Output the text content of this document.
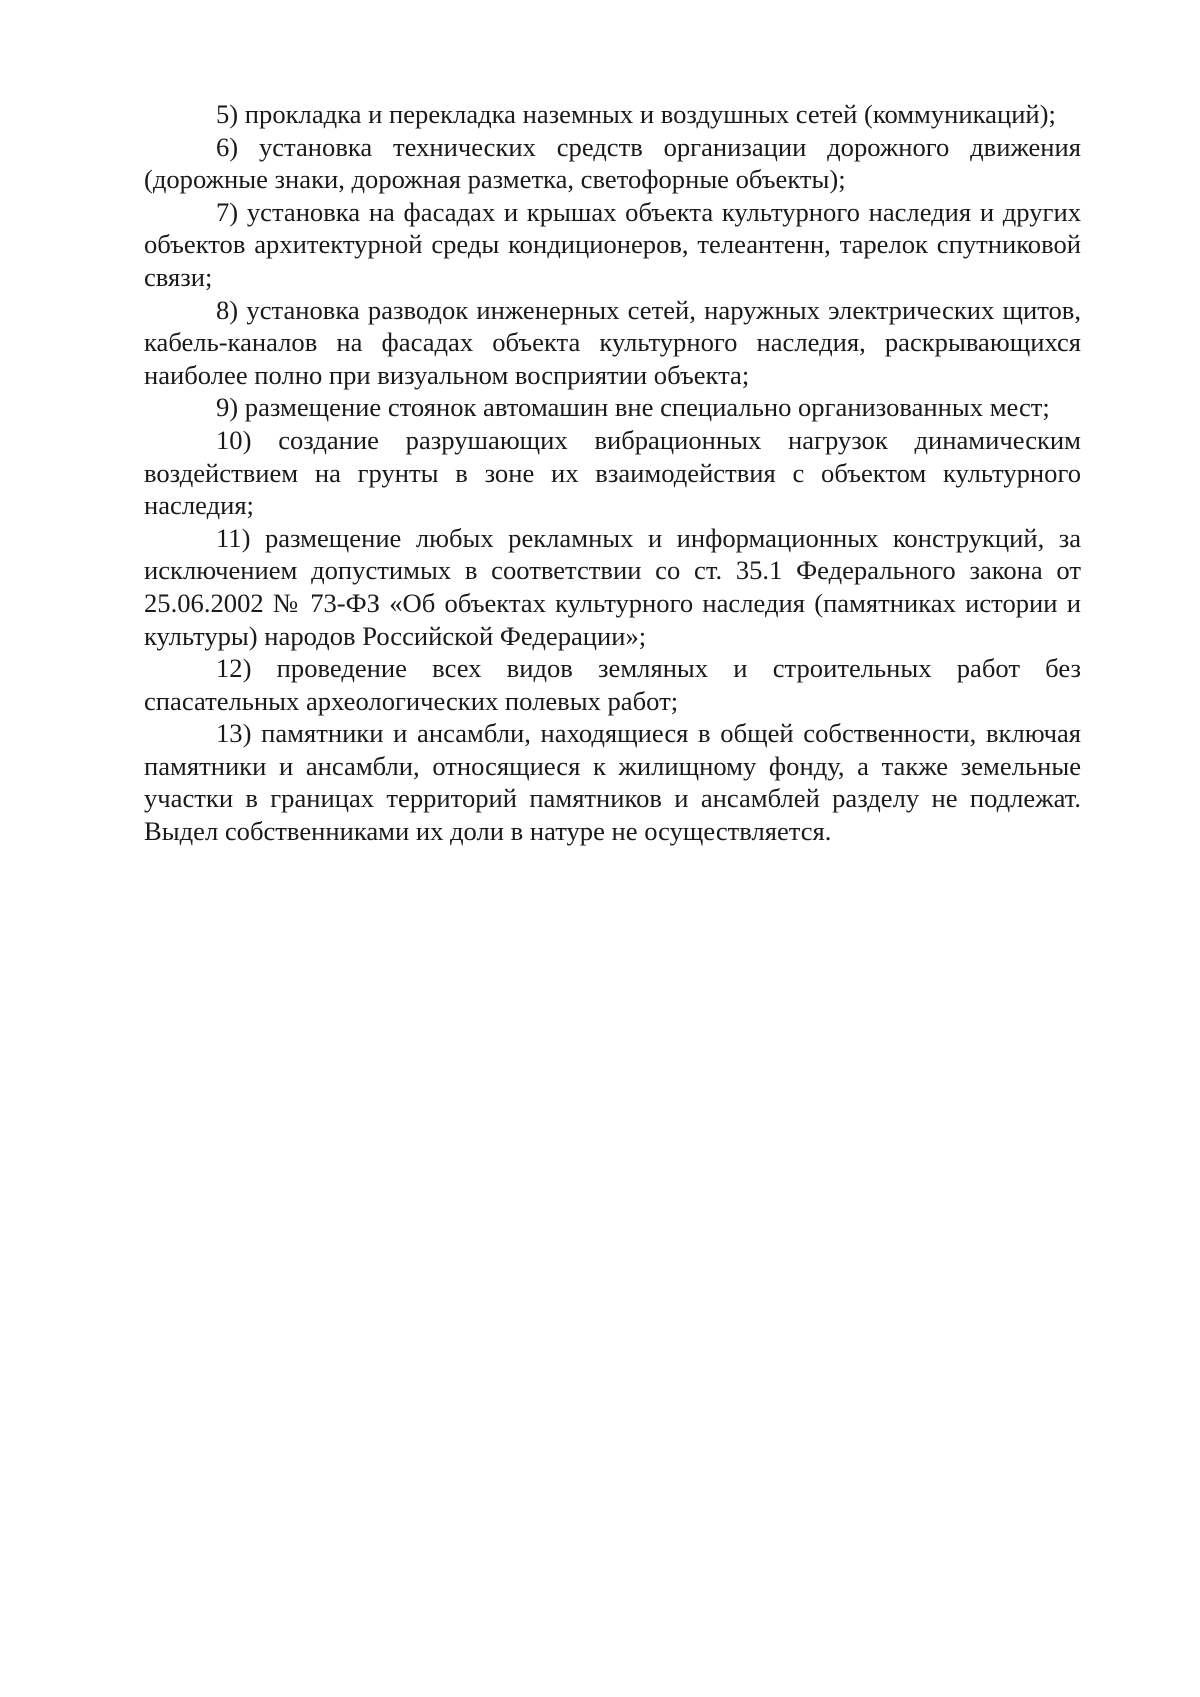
5) прокладка и перекладка наземных и воздушных сетей (коммуникаций);

6) установка технических средств организации дорожного движения (дорожные знаки, дорожная разметка, светофорные объекты);

7) установка на фасадах и крышах объекта культурного наследия и других объектов архитектурной среды кондиционеров, телеантенн, тарелок спутниковой связи;

8) установка разводок инженерных сетей, наружных электрических щитов, кабель-каналов на фасадах объекта культурного наследия, раскрывающихся наиболее полно при визуальном восприятии объекта;

9) размещение стоянок автомашин вне специально организованных мест;

10) создание разрушающих вибрационных нагрузок динамическим воздействием на грунты в зоне их взаимодействия с объектом культурного наследия;

11) размещение любых рекламных и информационных конструкций, за исключением допустимых в соответствии со ст. 35.1 Федерального закона от 25.06.2002 № 73-ФЗ «Об объектах культурного наследия (памятниках истории и культуры) народов Российской Федерации»;

12) проведение всех видов земляных и строительных работ без спасательных археологических полевых работ;

13) памятники и ансамбли, находящиеся в общей собственности, включая памятники и ансамбли, относящиеся к жилищному фонду, а также земельные участки в границах территорий памятников и ансамблей разделу не подлежат. Выдел собственниками их доли в натуре не осуществляется.
